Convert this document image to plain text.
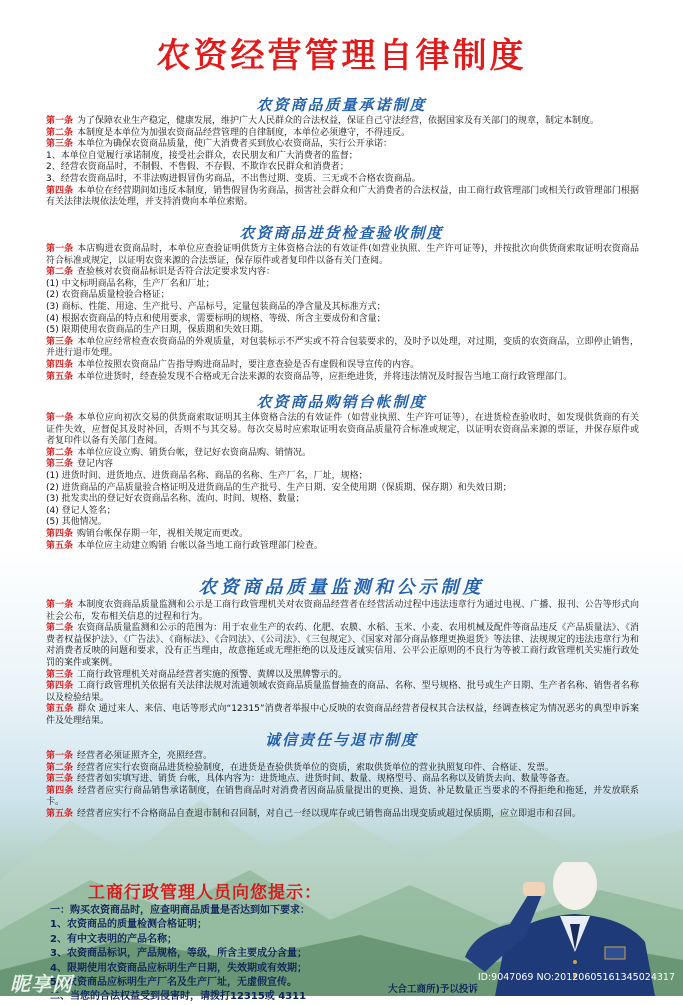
农资经营管理自律制度
农资商品质量承诺制度

第一条 为了保障农业生产稳定，健康发展，维护广大人民群众的合法权益，保证自己守法经营，依据国家及有关部门的规章，制定本制度。

第二条 本制度是本单位为加强农资商品经营管理的自律制度，本单位必须遵守，不得违反。

第三条 本单位为确保农资商品质量，使广大消费者买到放心农资商品，实行公开承诺：

1、本单位自觉履行承诺制度，接受社会群众，农民朋友和广大消费者的监督；

2、经营农资商品时，不制假、不售假、不存假、不欺诈农民群众和消费者；

3、经营农资商品时，不非法购进假冒伪劣商品，不出售过期、变质、三无或不合格农资商品。

第四条 本单位在经营期间如违反本制度，销售假冒伪劣商品，损害社会群众和广大消费者的合法权益，由工商行政管理部门或相关行政管理部门根据有关法律法规依法处理，并支持消费向本单位索赔。

农资商品进货检查验收制度

第一条 本店购进农资商品时，本单位应查验证明供货方主体资格合法的有效证件(如营业执照、生产许可证等)，并按批次向供货商索取证明农资商品符合标准或规定，以证明农资来源的合法票证，保存原件或者复印件以备有关门查阅。

第二条 查验核对农资商品标识是否符合法定要求发内容：

(1) 中文标明商品名称，生产厂名和厂址；

(2) 农资商品质量检验合格证；

(3) 商标、性能、用途、生产批号、产品标号，定量包装商品的净含量及其标准方式；

(4) 根据农资商品的特点和使用要求，需要标明的规格、等级、所含主要成份和含量；

(5) 限期使用农资商品的生产日期，保质期和失效日期。

第三条 本单位应经常检查农资商品的外观质量，对包装标示不严实或不符合包装要求的，及时予以处理，对过期，变质的农资商品，立即停止销售，并进行退市处理。

第四条 本单位按照农资商品广告指导购进商品时，要注意查验是否有虚假和误导宣传的内容。

第五条 本单位进货时，经查验发现不合格或无合法来源的农资商品等，应拒绝进货，并将违法情况及时报告当地工商行政管理部门。

农资商品购销台帐制度

第一条 本单位应向初次交易的供货商索取证明其主体资格合法的有效证件（如营业执照、生产许可证等），在进货检查验收时，如发现供货商的有关证件失效，应督促其及时补回，否则不与其交易。每次交易时应索取证明农资商品质量符合标准或规定，以证明农资商品来源的票证，并保存原件或者复印件以备有关部门查阅。

第二条 本单位应设立购、销货台帐，登记好农资商品购、销情况。

第三条 登记内容

(1) 进货时间、进货地点、进货商品名称、商品的名称、生产厂名，厂址，规格；

(2) 进货商品的产品质量验合格证明及进货商品的生产批号、生产日期、安全使用期（保质期、保存期）和失效日期；

(3) 批发卖出的登记好农资商品名称、流向、时间、规格、数量；

(4) 登记人签名；

(5) 其他情况。

第四条 购销台帐保存期一年，视相关规定而更改。

第五条 本单位应主动建立购销 台帐以备当地工商行政管理部门检查。

农资商品质量监测和公示制度

第一条 本制度农资商品质量监测和公示是工商行政管理机关对农资商品经营者在经营活动过程中违法违章行为通过电视、广播、报刊、公告等形式向社会公布，发布相关信息的过程和行为。

第二条 农资商品质量监测和公示的范围为：用于农业生产的农药、化肥、农膜、水稻、玉米、小麦、农用机械及配件等商品违反《产品质量法》、《消费者权益保护法》、《广告法》、《商标法》、《合同法》、《公司法》、《三包规定》、《国家对部分商品修理更换退货》等法律、法规规定的违法违章行为和对消费者反映的问题和要求，没有正当理由，故意拖延或无理拒绝的以及违反诚实信用、公平公正原则的不良行为等被工商行政管理机关实施行政处罚的案件或案例。

第三条 工商行政管理机关对商品经营者实施的预警、黄牌以及黑牌警示的。

第四条 工商行政管理机关依据有关法律法规对流通领域农资商品质量监督抽查的商品、名称、型号规格、批号或生产日期、生产者名称、销售者名称以及检验结果。

第五条 群众 通过来人、来信、电话等形式向“12315”消费者举报中心反映的农资商品经营者侵权其合法权益，经调查核定为情况恶劣的典型申诉案件及处理结果。

诚信责任与退市制度

第一条 经营者必须证照齐全，亮照经营。

第二条 经营者应实行农资商品进货检验制度，在进货是查验供货单位的资质，索取供货单位的营业执照复印件、合格证、发票。

第三条 经营者如实填写进、销货 台帐，具体内容为：进货地点、进货时间、数量、规格型号、商品名称以及销货去向、数量等备查。

第四条 经营者应实行商品销售承诺制度，在销售商品时对消费者因商品质量提出的更换、退货、补足数量正当要求的不得拒绝和拖延，并发放联系卡。

第五条 经营者应实行不合格商品自查退市制和召回制，对自己一经以现库存或已销售商品出现变质或超过保质期，应立即退市和召回。

工商行政管理人员向您提示：

一：购买农资商品时，应查明商品质量是否达到如下要求：

1、农资商品的质量检测合格证明；

2、有中文表明的产品名称；

3、农资商品标识，产品规格，等级，所含主要成分含量；

4、限期使用农资商品应标明生产日期，失效期或有效期；

5、农资商品应标明生产厂名及生产厂址，无虚假宣传。

二、当您的合法权益受到侵害时，请拨打12315或 4311

大合工商所)予以投诉
昵享网	ID:9047069 NO:20120605161345024317
